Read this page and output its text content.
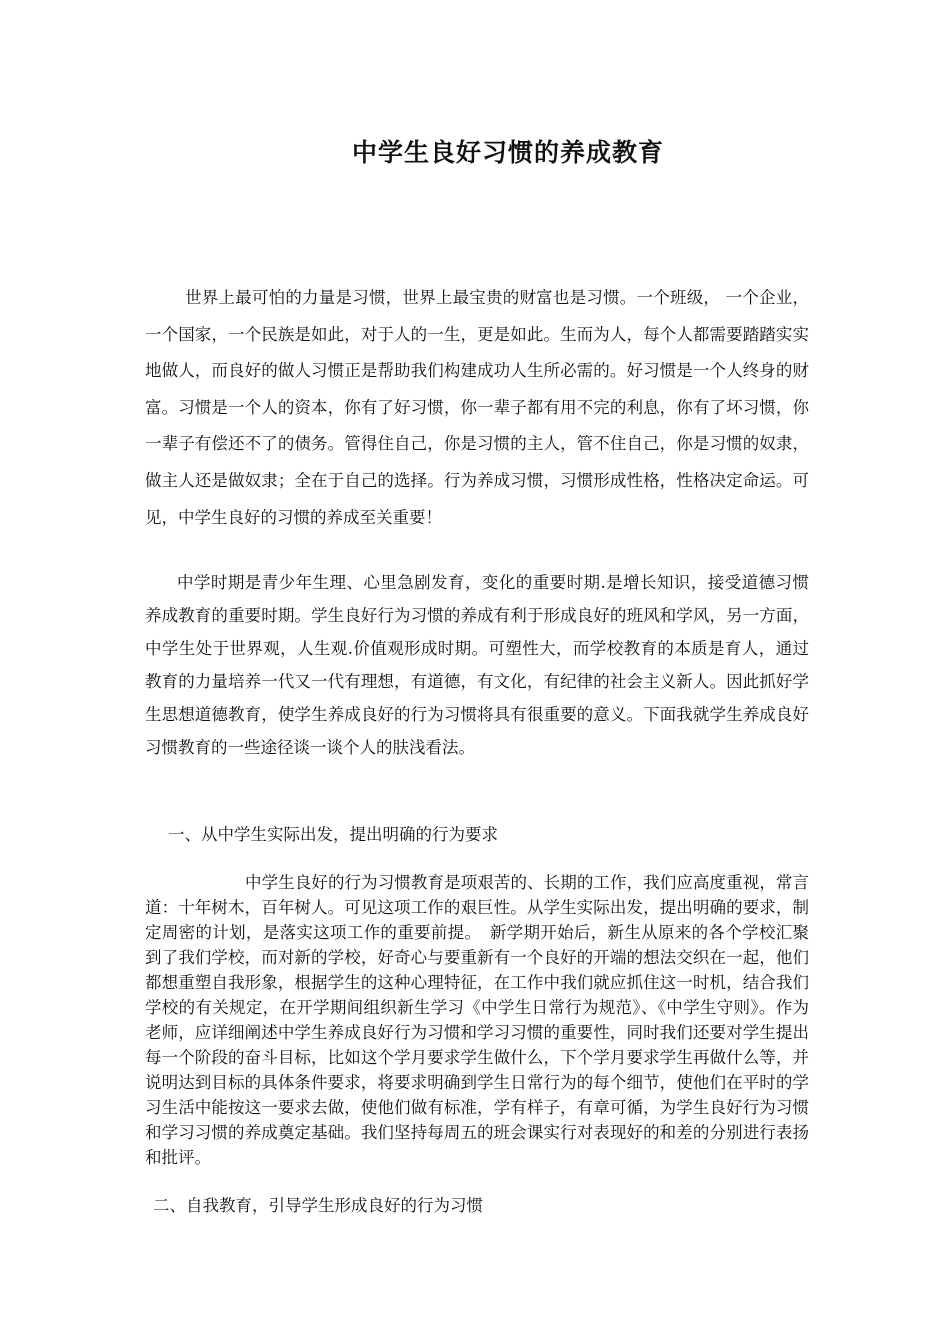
中学生良好习惯的养成教育

世界上最可怕的力量是习惯，世界上最宝贵的财富也是习惯。一个班级， 一个企业，一个国家，一个民族是如此，对于人的一生，更是如此。生而为人，每个人都需要踏踏实实地做人，而良好的做人习惯正是帮助我们构建成功人生所必需的。好习惯是一个人终身的财富。习惯是一个人的资本，你有了好习惯，你一辈子都有用不完的利息，你有了坏习惯，你一辈子有偿还不了的债务。管得住自己，你是习惯的主人，管不住自己，你是习惯的奴隶，做主人还是做奴隶；全在于自己的选择。行为养成习惯，习惯形成性格，性格决定命运。可见，中学生良好的习惯的养成至关重要！

中学时期是青少年生理、心里急剧发育，变化的重要时期.是增长知识，接受道德习惯养成教育的重要时期。学生良好行为习惯的养成有利于形成良好的班风和学风，另一方面，中学生处于世界观，人生观.价值观形成时期。可塑性大，而学校教育的本质是育人，通过教育的力量培养一代又一代有理想，有道德，有文化，有纪律的社会主义新人。因此抓好学生思想道德教育，使学生养成良好的行为习惯将具有很重要的意义。下面我就学生养成良好习惯教育的一些途径谈一谈个人的肤浅看法。

一、从中学生实际出发，提出明确的行为要求

中学生良好的行为习惯教育是项艰苦的、长期的工作，我们应高度重视，常言道：十年树木，百年树人。可见这项工作的艰巨性。从学生实际出发，提出明确的要求，制定周密的计划，是落实这项工作的重要前提。　新学期开始后，新生从原来的各个学校汇聚到了我们学校，而对新的学校，好奇心与要重新有一个良好的开端的想法交织在一起，他们都想重塑自我形象，根据学生的这种心理特征，在工作中我们就应抓住这一时机，结合我们学校的有关规定，在开学期间组织新生学习《中学生日常行为规范》、《中学生守则》。作为老师，应详细阐述中学生养成良好行为习惯和学习习惯的重要性，同时我们还要对学生提出每一个阶段的奋斗目标，比如这个学月要求学生做什么，下个学月要求学生再做什么等，并说明达到目标的具体条件要求，将要求明确到学生日常行为的每个细节，使他们在平时的学习生活中能按这一要求去做，使他们做有标准，学有样子，有章可循，为学生良好行为习惯和学习习惯的养成奠定基础。我们坚持每周五的班会课实行对表现好的和差的分别进行表扬和批评。

二、自我教育，引导学生形成良好的行为习惯
